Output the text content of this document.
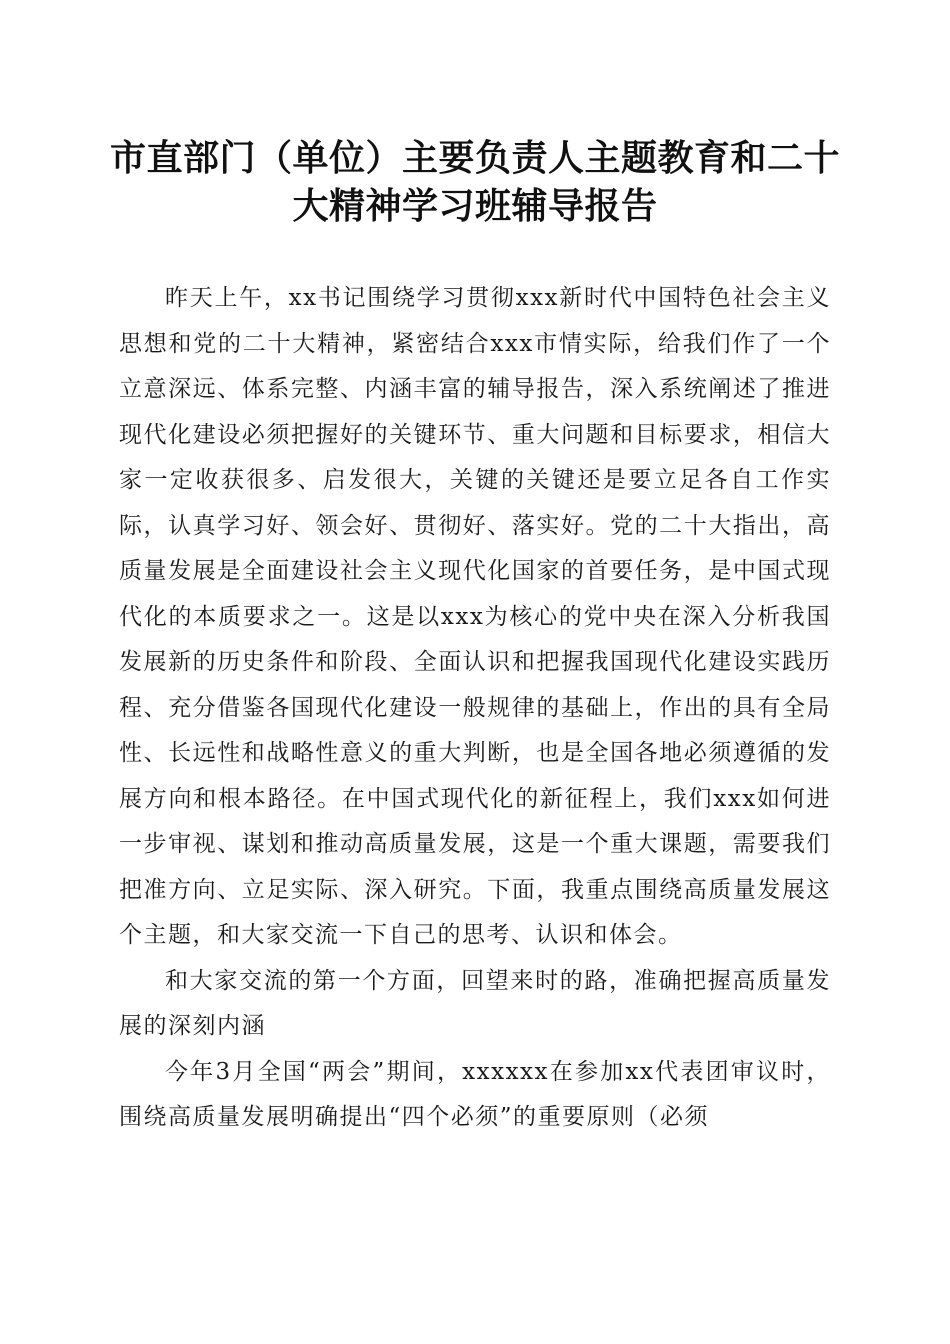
市直部门（单位）主要负责人主题教育和二十大精神学习班辅导报告

昨天上午，xx书记围绕学习贯彻xxx新时代中国特色社会主义思想和党的二十大精神，紧密结合xxx市情实际，给我们作了一个立意深远、体系完整、内涵丰富的辅导报告，深入系统阐述了推进现代化建设必须把握好的关键环节、重大问题和目标要求，相信大家一定收获很多、启发很大，关键的关键还是要立足各自工作实际，认真学习好、领会好、贯彻好、落实好。党的二十大指出，高质量发展是全面建设社会主义现代化国家的首要任务，是中国式现代化的本质要求之一。这是以xxx为核心的党中央在深入分析我国发展新的历史条件和阶段、全面认识和把握我国现代化建设实践历程、充分借鉴各国现代化建设一般规律的基础上，作出的具有全局性、长远性和战略性意义的重大判断，也是全国各地必须遵循的发展方向和根本路径。在中国式现代化的新征程上，我们xxx如何进一步审视、谋划和推动高质量发展，这是一个重大课题，需要我们把准方向、立足实际、深入研究。下面，我重点围绕高质量发展这个主题，和大家交流一下自己的思考、认识和体会。

和大家交流的第一个方面，回望来时的路，准确把握高质量发展的深刻内涵

今年3月全国“两会”期间，xxxxxx在参加xx代表团审议时，围绕高质量发展明确提出“四个必须”的重要原则（必须
